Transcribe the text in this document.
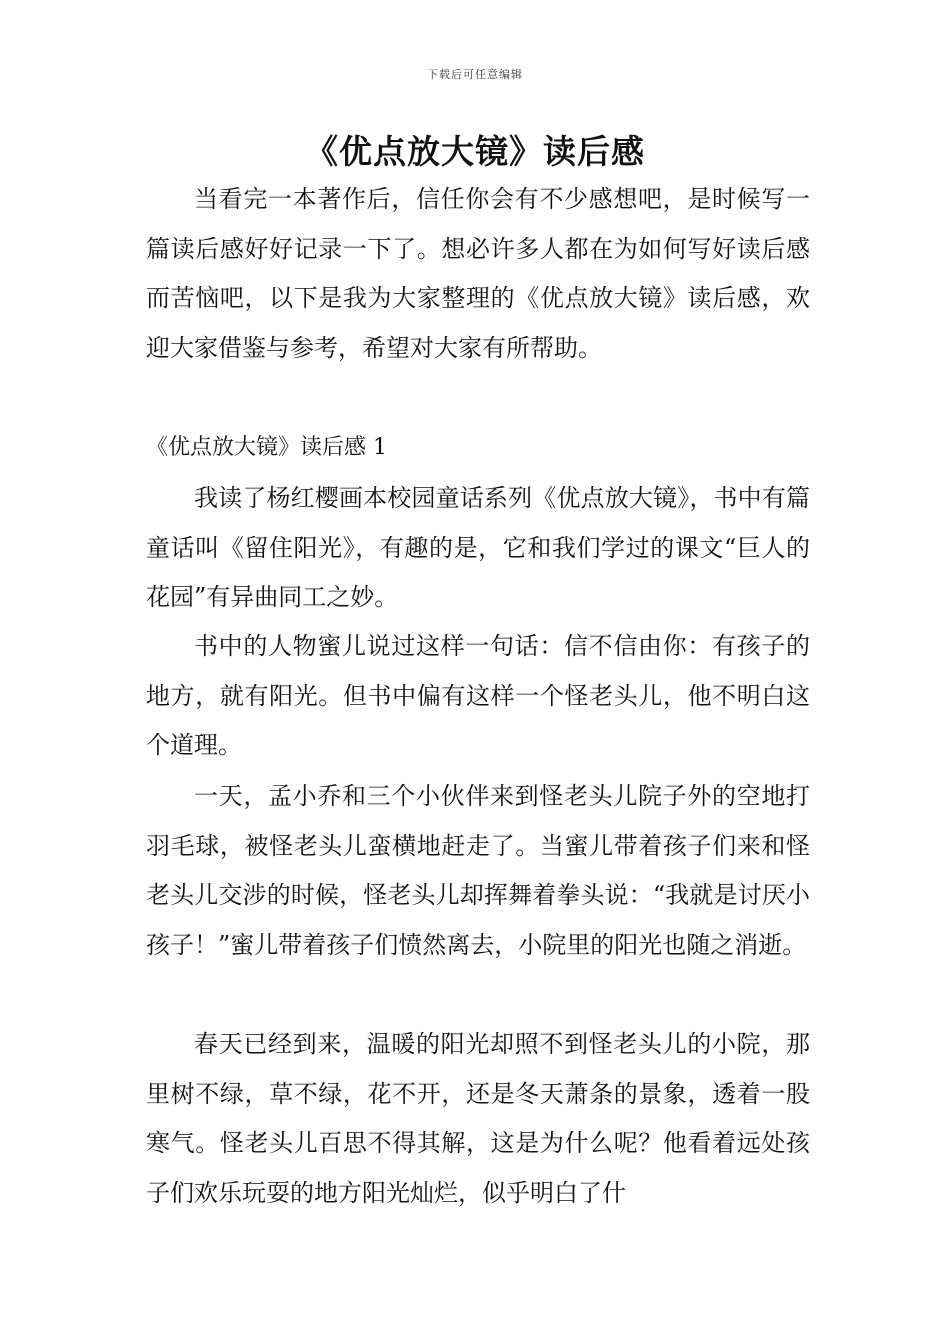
下载后可任意编辑
《优点放大镜》读后感

当看完一本著作后，信任你会有不少感想吧，是时候写一篇读后感好好记录一下了。想必许多人都在为如何写好读后感而苦恼吧，以下是我为大家整理的《优点放大镜》读后感，欢迎大家借鉴与参考，希望对大家有所帮助。

《优点放大镜》读后感 1

我读了杨红樱画本校园童话系列《优点放大镜》，书中有篇童话叫《留住阳光》，有趣的是，它和我们学过的课文“巨人的花园”有异曲同工之妙。

书中的人物蜜儿说过这样一句话：信不信由你：有孩子的地方，就有阳光。但书中偏有这样一个怪老头儿，他不明白这个道理。

一天，孟小乔和三个小伙伴来到怪老头儿院子外的空地打羽毛球，被怪老头儿蛮横地赶走了。当蜜儿带着孩子们来和怪老头儿交涉的时候，怪老头儿却挥舞着拳头说：“我就是讨厌小孩子！”蜜儿带着孩子们愤然离去，小院里的阳光也随之消逝。

春天已经到来，温暖的阳光却照不到怪老头儿的小院，那里树不绿，草不绿，花不开，还是冬天萧条的景象，透着一股寒气。怪老头儿百思不得其解，这是为什么呢？他看着远处孩子们欢乐玩耍的地方阳光灿烂，似乎明白了什
